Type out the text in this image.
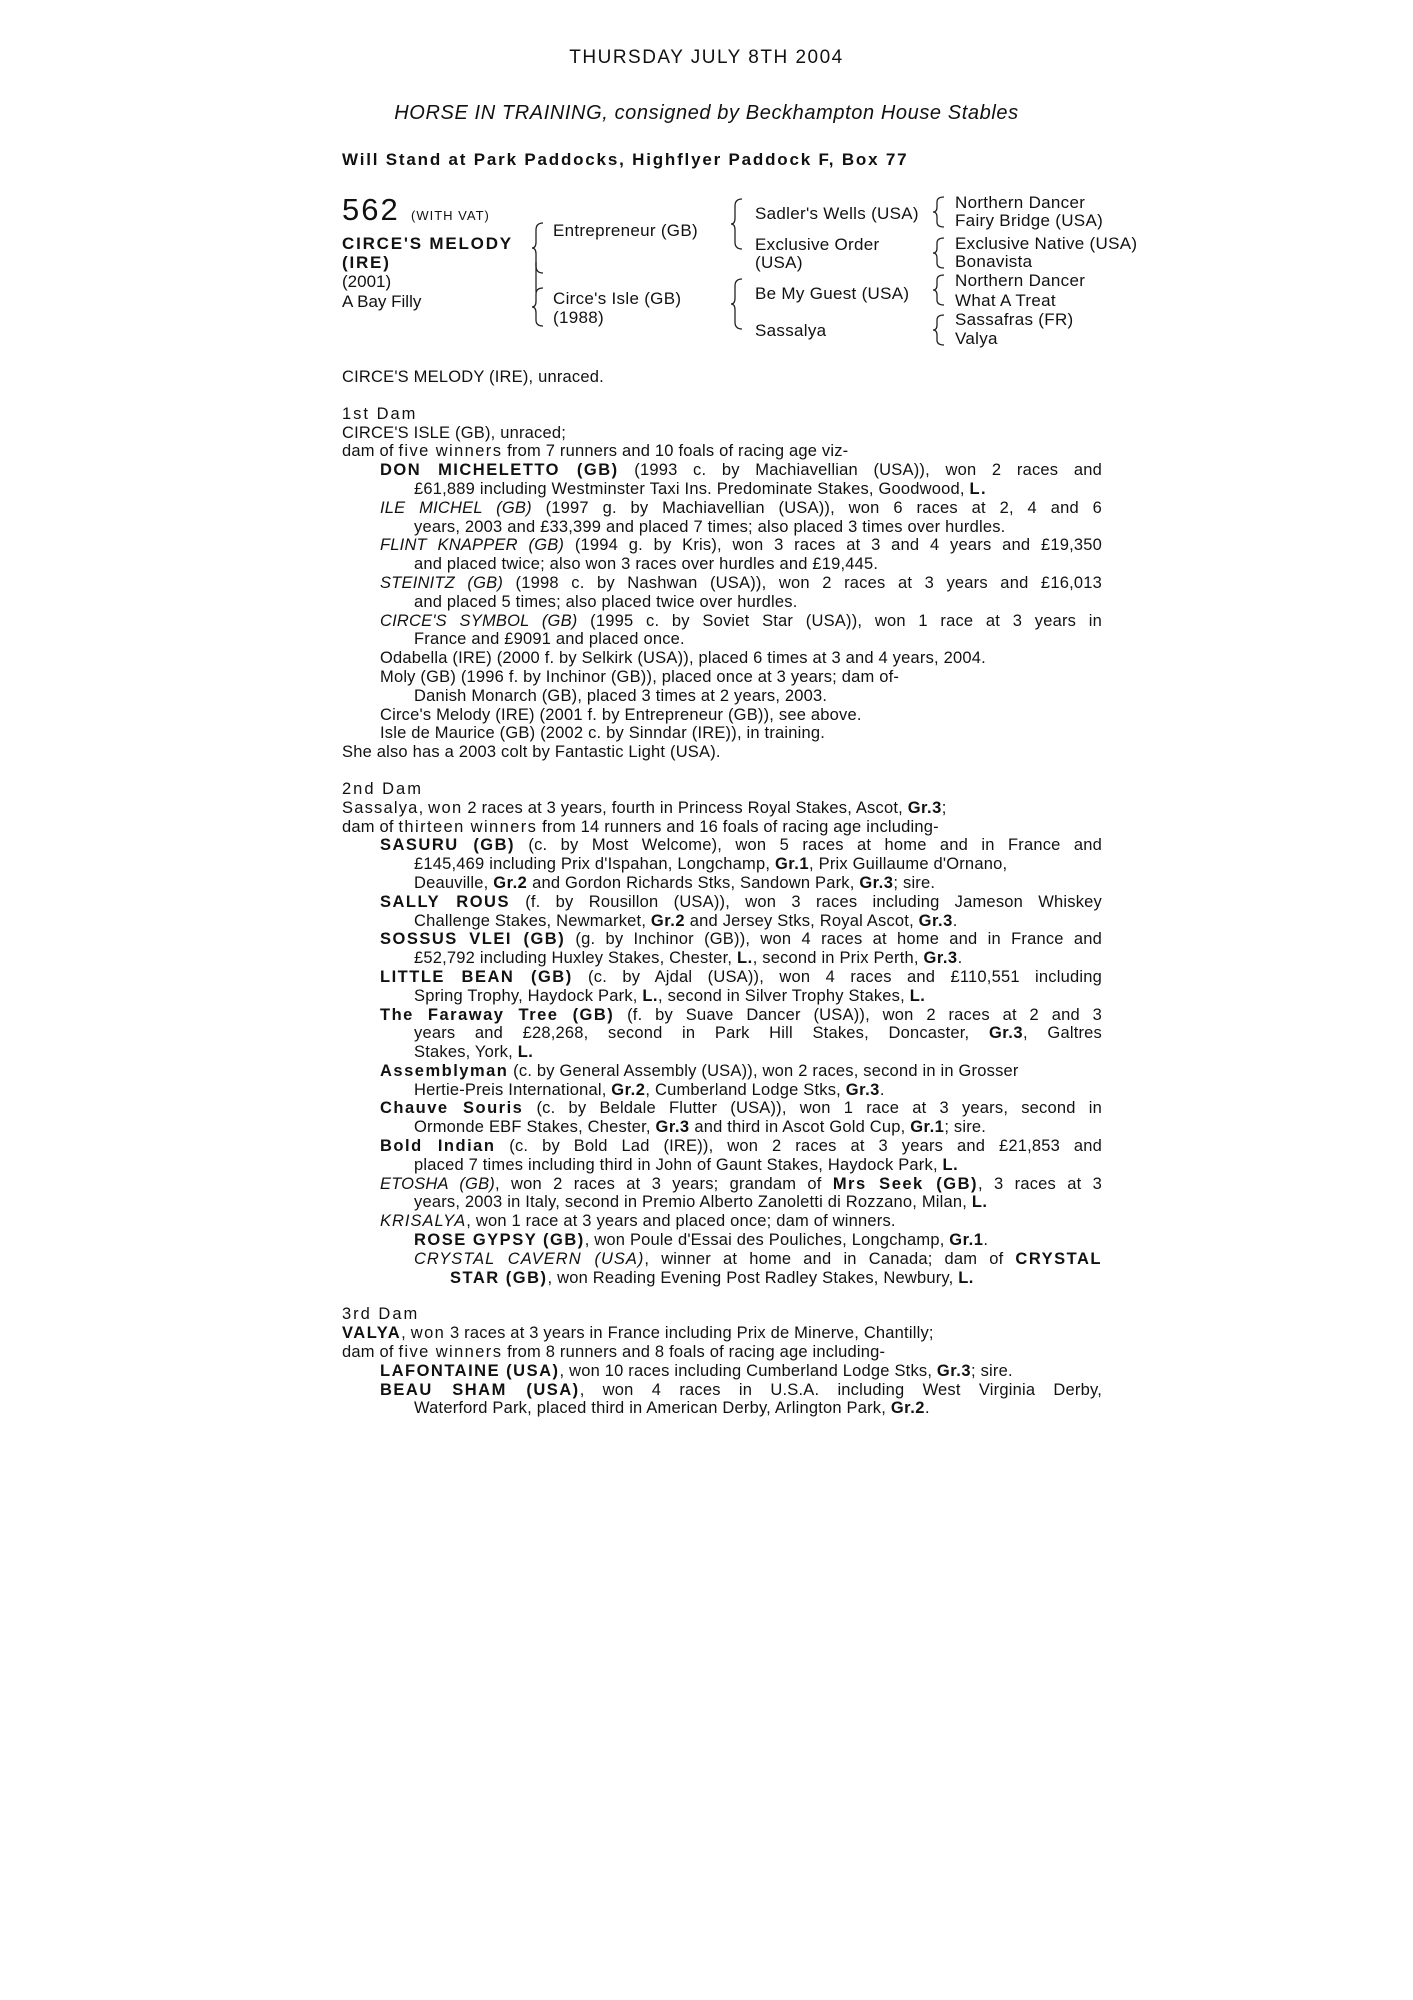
THURSDAY JULY 8TH 2004
HORSE IN TRAINING, consigned by Beckhampton House Stables
Will Stand at Park Paddocks, Highflyer Paddock F, Box 77
562 (WITH VAT)
CIRCE'S MELODY (IRE)
(2001)
A Bay Filly
Entrepreneur (GB)
Circe's Isle (GB)
(1988)
Sadler's Wells (USA)
Exclusive Order
(USA)
Be My Guest (USA)
Sassalya
Northern Dancer
Fairy Bridge (USA)
Exclusive Native (USA)
Bonavista
Northern Dancer
What A Treat
Sassafras (FR)
Valya

CIRCE'S MELODY (IRE), unraced.

1st Dam

CIRCE'S ISLE (GB), unraced;

dam of five winners from 7 runners and 10 foals of racing age viz-

DON MICHELETTO (GB) (1993 c. by Machiavellian (USA)), won 2 races and

£61,889 including Westminster Taxi Ins. Predominate Stakes, Goodwood, L.

ILE MICHEL (GB) (1997 g. by Machiavellian (USA)), won 6 races at 2, 4 and 6

years, 2003 and £33,399 and placed 7 times; also placed 3 times over hurdles.

FLINT KNAPPER (GB) (1994 g. by Kris), won 3 races at 3 and 4 years and £19,350

and placed twice; also won 3 races over hurdles and £19,445.

STEINITZ (GB) (1998 c. by Nashwan (USA)), won 2 races at 3 years and £16,013

and placed 5 times; also placed twice over hurdles.

CIRCE'S SYMBOL (GB) (1995 c. by Soviet Star (USA)), won 1 race at 3 years in

France and £9091 and placed once.

Odabella (IRE) (2000 f. by Selkirk (USA)), placed 6 times at 3 and 4 years, 2004.

Moly (GB) (1996 f. by Inchinor (GB)), placed once at 3 years; dam of-

Danish Monarch (GB), placed 3 times at 2 years, 2003.

Circe's Melody (IRE) (2001 f. by Entrepreneur (GB)), see above.

Isle de Maurice (GB) (2002 c. by Sinndar (IRE)), in training.

She also has a 2003 colt by Fantastic Light (USA).

2nd Dam

Sassalya, won 2 races at 3 years, fourth in Princess Royal Stakes, Ascot, Gr.3;

dam of thirteen winners from 14 runners and 16 foals of racing age including-

SASURU (GB) (c. by Most Welcome), won 5 races at home and in France and

£145,469 including Prix d'Ispahan, Longchamp, Gr.1, Prix Guillaume d'Ornano,

Deauville, Gr.2 and Gordon Richards Stks, Sandown Park, Gr.3; sire.

SALLY ROUS (f. by Rousillon (USA)), won 3 races including Jameson Whiskey

Challenge Stakes, Newmarket, Gr.2 and Jersey Stks, Royal Ascot, Gr.3.

SOSSUS VLEI (GB) (g. by Inchinor (GB)), won 4 races at home and in France and

£52,792 including Huxley Stakes, Chester, L., second in Prix Perth, Gr.3.

LITTLE BEAN (GB) (c. by Ajdal (USA)), won 4 races and £110,551 including

Spring Trophy, Haydock Park, L., second in Silver Trophy Stakes, L.

The Faraway Tree (GB) (f. by Suave Dancer (USA)), won 2 races at 2 and 3

years and £28,268, second in Park Hill Stakes, Doncaster, Gr.3, Galtres

Stakes, York, L.

Assemblyman (c. by General Assembly (USA)), won 2 races, second in in Grosser

Hertie-Preis International, Gr.2, Cumberland Lodge Stks, Gr.3.

Chauve Souris (c. by Beldale Flutter (USA)), won 1 race at 3 years, second in

Ormonde EBF Stakes, Chester, Gr.3 and third in Ascot Gold Cup, Gr.1; sire.

Bold Indian (c. by Bold Lad (IRE)), won 2 races at 3 years and £21,853 and

placed 7 times including third in John of Gaunt Stakes, Haydock Park, L.

ETOSHA (GB), won 2 races at 3 years; grandam of Mrs Seek (GB), 3 races at 3

years, 2003 in Italy, second in Premio Alberto Zanoletti di Rozzano, Milan, L.

KRISALYA, won 1 race at 3 years and placed once; dam of winners.

ROSE GYPSY (GB), won Poule d'Essai des Pouliches, Longchamp, Gr.1.

CRYSTAL CAVERN (USA), winner at home and in Canada; dam of CRYSTAL

STAR (GB), won Reading Evening Post Radley Stakes, Newbury, L.

3rd Dam

VALYA, won 3 races at 3 years in France including Prix de Minerve, Chantilly;

dam of five winners from 8 runners and 8 foals of racing age including-

LAFONTAINE (USA), won 10 races including Cumberland Lodge Stks, Gr.3; sire.

BEAU SHAM (USA), won 4 races in U.S.A. including West Virginia Derby,

Waterford Park, placed third in American Derby, Arlington Park, Gr.2.
